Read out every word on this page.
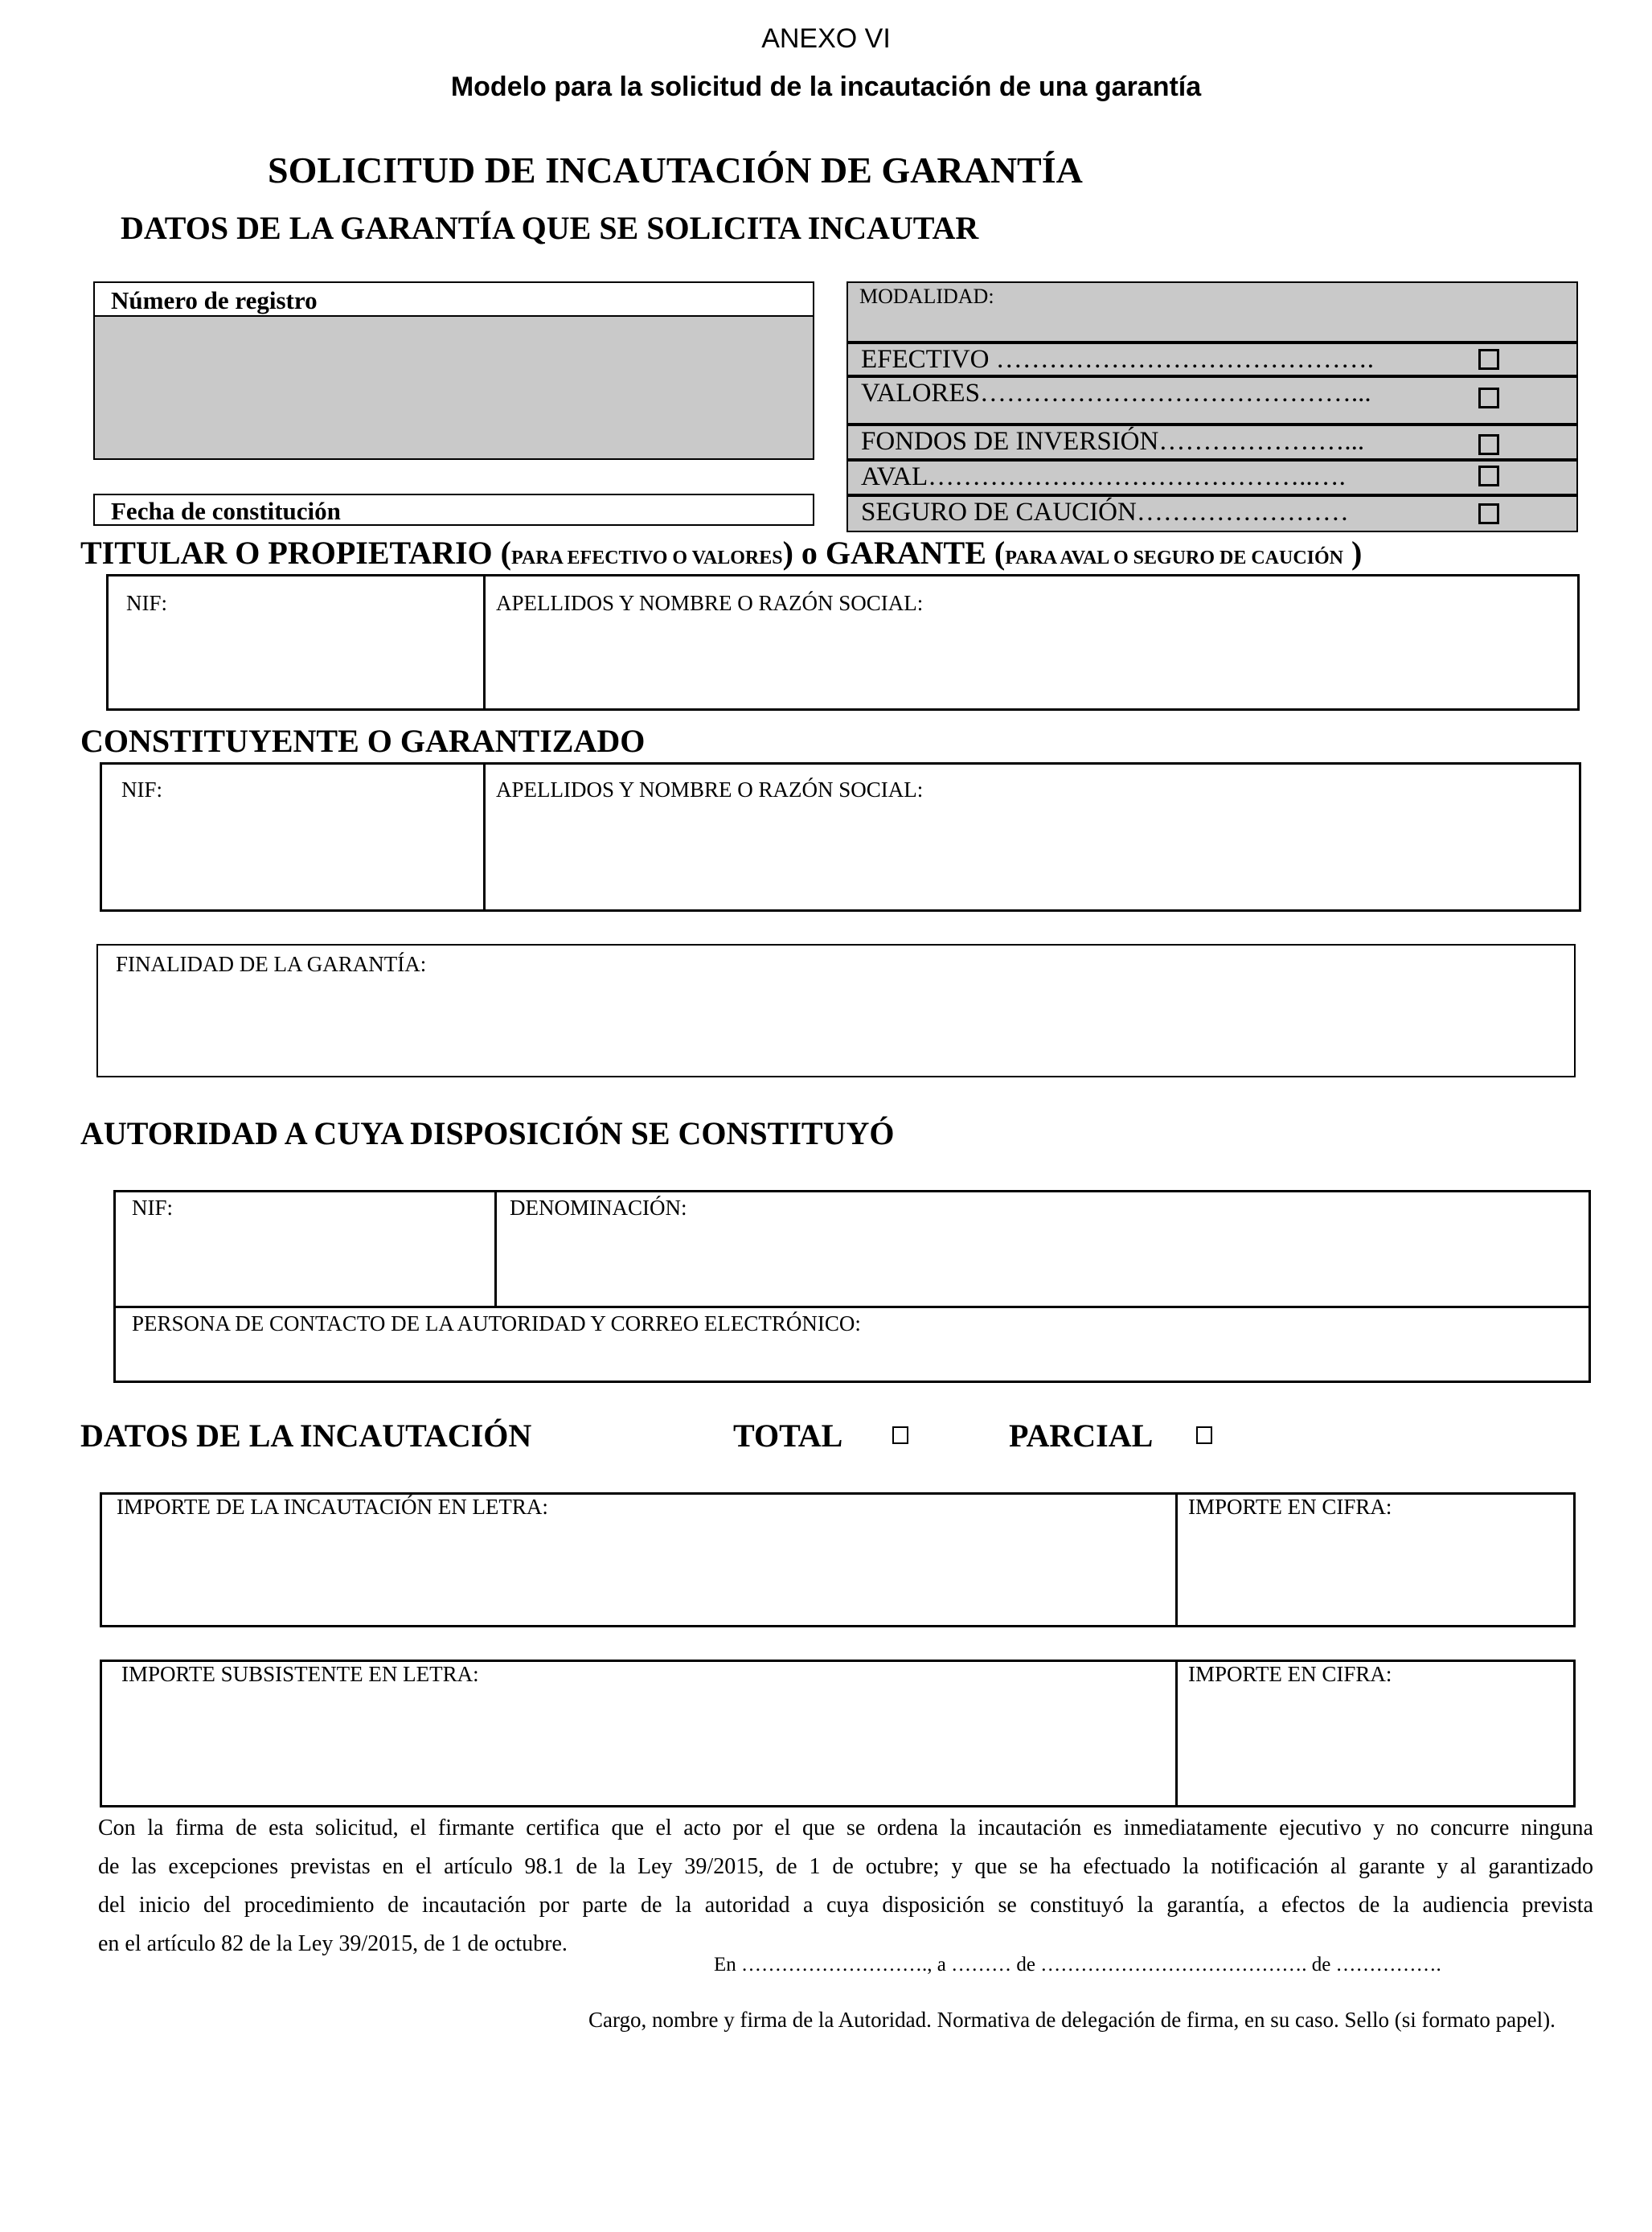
ANEXO VI
Modelo para la solicitud de la incautación de una garantía
SOLICITUD DE INCAUTACIÓN DE GARANTÍA
DATOS DE LA GARANTÍA QUE SE SOLICITA INCAUTAR
Número de registro
Fecha de constitución
MODALIDAD:
EFECTIVO …………………………………….
VALORES……………………………………...
FONDOS DE INVERSIÓN…………………...
AVAL……………………………………..….
SEGURO DE CAUCIÓN……………………
TITULAR O PROPIETARIO (PARA EFECTIVO O VALORES) o GARANTE (PARA AVAL O SEGURO DE CAUCIÓN )
NIF:	APELLIDOS Y NOMBRE O RAZÓN SOCIAL:
CONSTITUYENTE O GARANTIZADO
NIF:	APELLIDOS Y NOMBRE O RAZÓN SOCIAL:
FINALIDAD DE LA GARANTÍA:
AUTORIDAD A CUYA DISPOSICIÓN SE CONSTITUYÓ
NIF:	DENOMINACIÓN:
PERSONA DE CONTACTO DE LA AUTORIDAD Y CORREO ELECTRÓNICO:
DATOS DE LA INCAUTACIÓN	TOTAL	PARCIAL
IMPORTE DE LA INCAUTACIÓN EN LETRA:	IMPORTE EN CIFRA:
IMPORTE SUBSISTENTE EN LETRA:	IMPORTE EN CIFRA:

Con la firma de esta solicitud, el firmante certifica que el acto por el que se ordena la incautación es inmediatamente ejecutivo y no concurre ninguna

de las excepciones previstas en el artículo 98.1 de la Ley 39/2015, de 1 de octubre; y que se ha efectuado la notificación al garante y al garantizado

del inicio del procedimiento de incautación por parte de la autoridad a cuya disposición se constituyó la garantía, a efectos de la audiencia prevista

en el artículo 82 de la Ley 39/2015, de 1 de octubre.

En ………………………., a ……… de …………………………………. de …………….
Cargo, nombre y firma de la Autoridad. Normativa de delegación de firma, en su caso. Sello (si formato papel).
